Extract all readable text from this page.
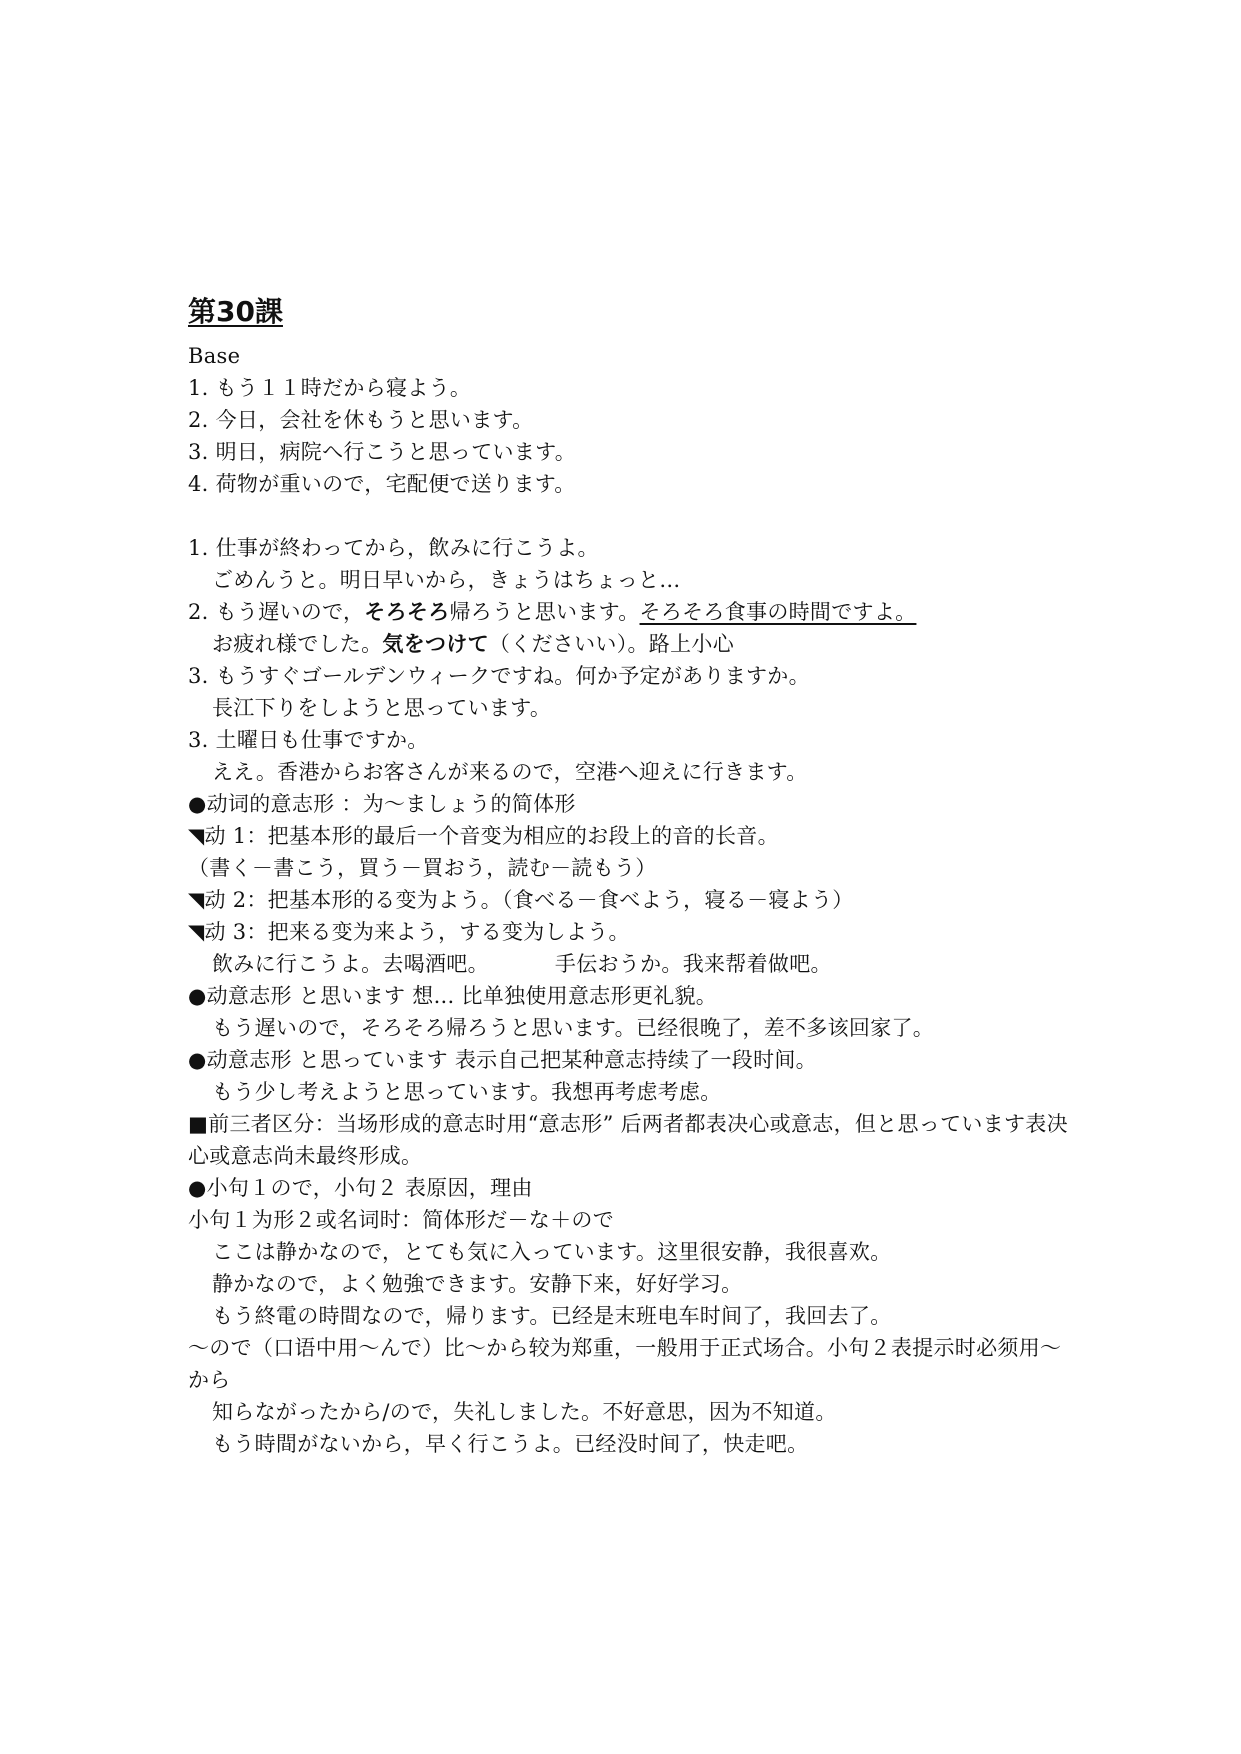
第30課
Base
1. もう１１時だから寝よう。
2. 今日，会社を休もうと思います。
3. 明日，病院へ行こうと思っています。
4. 荷物が重いので，宅配便で送ります。
1. 仕事が終わってから，飲みに行こうよ。
ごめんうと。明日早いから，きょうはちょっと…
2. もう遅いので，そろそろ帰ろうと思います。そろそろ食事の時間ですよ。
お疲れ様でした。気をつけて（くださいい）。路上小心
3. もうすぐゴールデンウィークですね。何か予定がありますか。
長江下りをしようと思っています。
3. 土曜日も仕事ですか。
ええ。香港からお客さんが来るので，空港へ迎えに行きます。
●动词的意志形 ：为～ましょう的简体形
◥动 1：把基本形的最后一个音变为相应的お段上的音的长音。
（書く－書こう，買う－買おう，読む－読もう）
◥动 2：把基本形的る变为よう。（食べる－食べよう，寝る－寝よう）
◥动 3：把来る变为来よう，する变为しよう。
飲みに行こうよ。去喝酒吧。	手伝おうか。我来帮着做吧。
●动意志形 と思います 想... 比单独使用意志形更礼貌。
もう遅いので，そろそろ帰ろうと思います。已经很晚了，差不多该回家了。
●动意志形 と思っています 表示自己把某种意志持续了一段时间。
もう少し考えようと思っています。我想再考虑考虑。
■前三者区分：当场形成的意志时用“意志形” 后两者都表决心或意志，但と思っています表决心或意志尚未最终形成。
●小句１ので，小句２ 表原因，理由
小句１为形２或名词时：简体形だ－な＋ので
ここは静かなので，とても気に入っています。这里很安静，我很喜欢。
静かなので，よく勉強できます。安静下来，好好学习。
もう終電の時間なので，帰ります。已经是末班电车时间了，我回去了。
～ので（口语中用～んで）比～から较为郑重，一般用于正式场合。小句２表提示时必须用～から
知らながったから/ので，失礼しました。不好意思，因为不知道。
もう時間がないから，早く行こうよ。已经没时间了，快走吧。
